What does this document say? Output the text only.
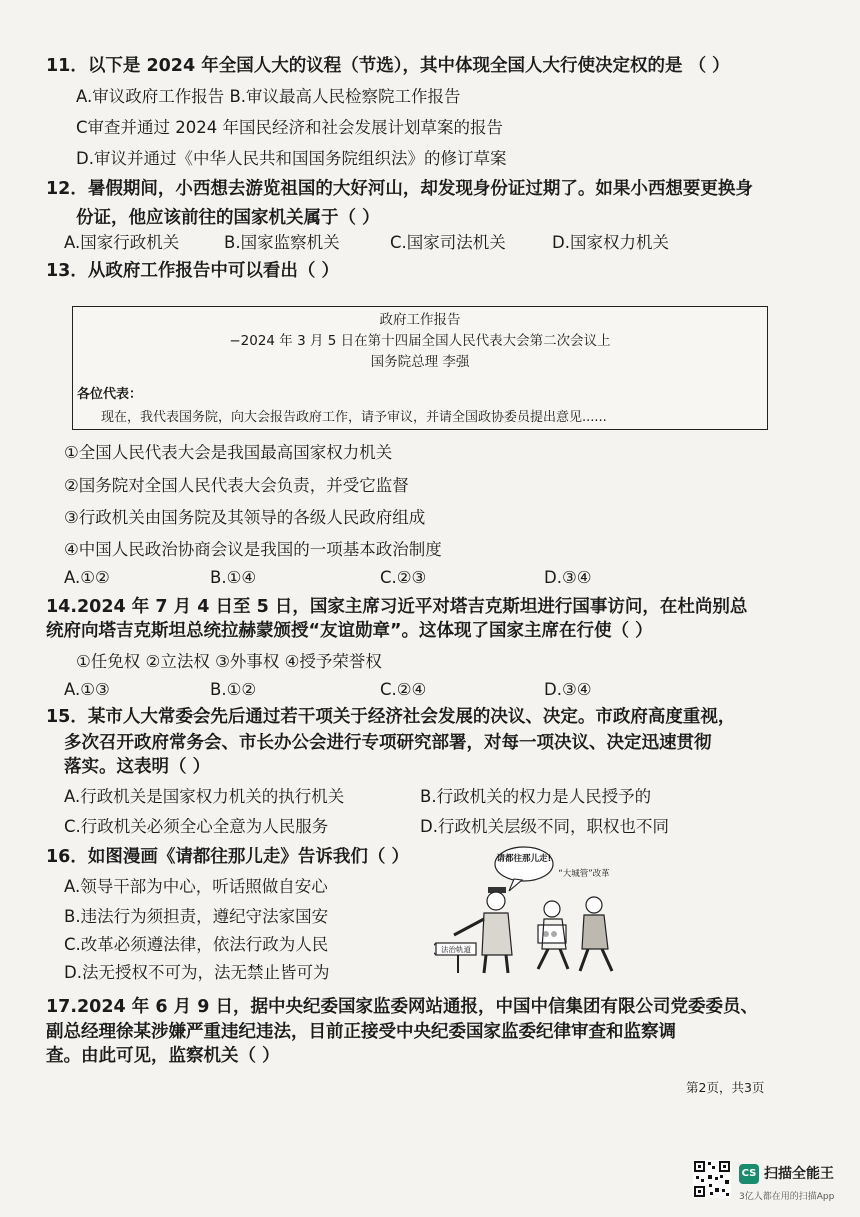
11．以下是 2024 年全国人大的议程（节选），其中体现全国人大行使决定权的是 （ ）
A.审议政府工作报告 B.审议最高人民检察院工作报告
C审查并通过 2024 年国民经济和社会发展计划草案的报告
D.审议并通过《中华人民共和国国务院组织法》的修订草案
12．暑假期间，小西想去游览祖国的大好河山，却发现身份证过期了。如果小西想要更换身
份证，他应该前往的国家机关属于（ ）
A.国家行政机关	B.国家监察机关	C.国家司法机关	D.国家权力机关
13．从政府工作报告中可以看出（ ）
政府工作报告
−2024 年 3 月 5 日在第十四届全国人民代表大会第二次会议上
国务院总理 李强
各位代表：
现在，我代表国务院，向大会报告政府工作，请予审议，并请全国政协委员提出意见......
①全国人民代表大会是我国最高国家权力机关
②国务院对全国人民代表大会负责，并受它监督
③行政机关由国务院及其领导的各级人民政府组成
④中国人民政治协商会议是我国的一项基本政治制度
A.①②	B.①④	C.②③	D.③④
14.2024 年 7 月 4 日至 5 日，国家主席习近平对塔吉克斯坦进行国事访问，在杜尚别总
统府向塔吉克斯坦总统拉赫蒙颁授“友谊勋章”。这体现了国家主席在行使（ ）
①任免权 ②立法权 ③外事权 ④授予荣誉权
A.①③	B.①②	C.②④	D.③④
15．某市人大常委会先后通过若干项关于经济社会发展的决议、决定。市政府高度重视，
多次召开政府常务会、市长办公会进行专项研究部署，对每一项决议、决定迅速贯彻
落实。这表明（ ）
A.行政机关是国家权力机关的执行机关	B.行政机关的权力是人民授予的
C.行政机关必须全心全意为人民服务	D.行政机关层级不同，职权也不同
16．如图漫画《请都往那儿走》告诉我们（ ）
A.领导干部为中心，听话照做自安心
B.违法行为须担责，遵纪守法家国安
C.改革必须遵法律，依法行政为人民
D.法无授权不可为，法无禁止皆可为
请都往那儿走!
“大城管”改革
法治轨道
17.2024 年 6 月 9 日，据中央纪委国家监委网站通报，中国中信集团有限公司党委委员、
副总经理徐某涉嫌严重违纪违法，目前正接受中央纪委国家监委纪律审查和监察调
查。由此可见，监察机关（ ）
第2页，共3页
CS 扫描全能王
3亿人都在用的扫描App
